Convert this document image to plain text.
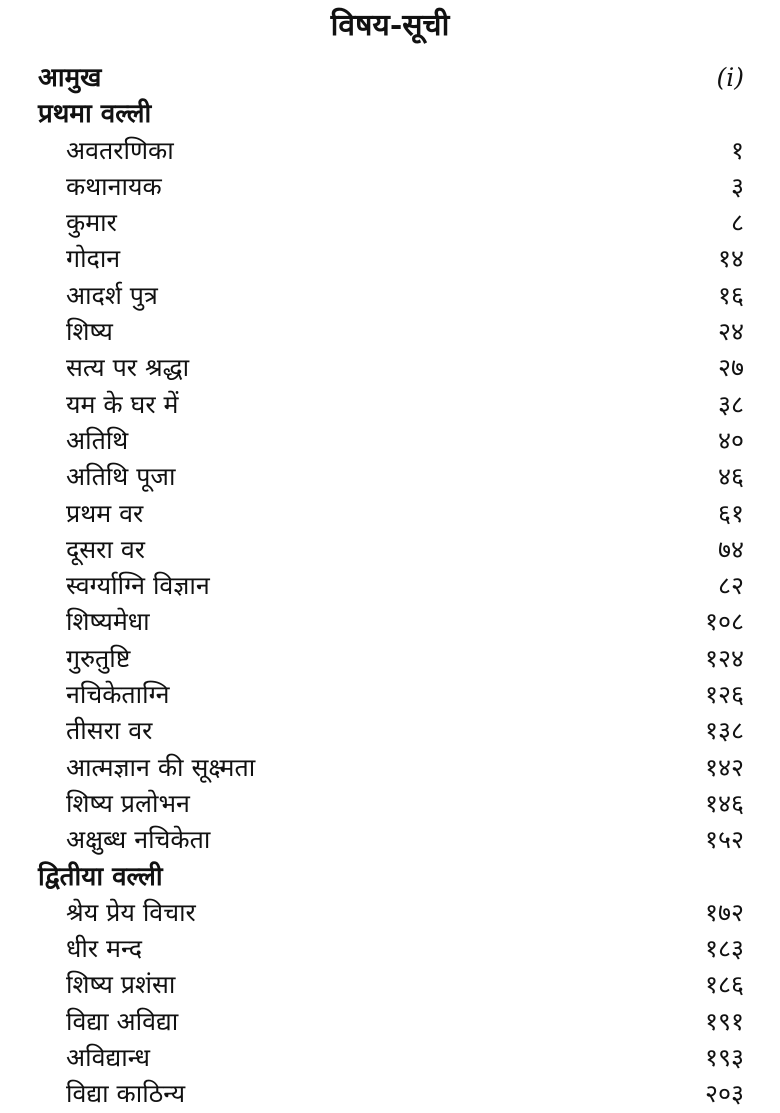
विषय-सूची
आमुख	(i)
प्रथमा वल्ली
अवतरणिका	१
कथानायक	३
कुमार	८
गोदान	१४
आदर्श पुत्र	१६
शिष्य	२४
सत्य पर श्रद्धा	२७
यम के घर में	३८
अतिथि	४०
अतिथि पूजा	४६
प्रथम वर	६१
दूसरा वर	७४
स्वर्ग्याग्नि विज्ञान	८२
शिष्यमेधा	१०८
गुरुतुष्टि	१२४
नचिकेताग्नि	१२६
तीसरा वर	१३८
आत्मज्ञान की सूक्ष्मता	१४२
शिष्य प्रलोभन	१४६
अक्षुब्ध नचिकेता	१५२
द्वितीया वल्ली
श्रेय प्रेय विचार	१७२
धीर मन्द	१८३
शिष्य प्रशंसा	१८६
विद्या अविद्या	१९१
अविद्यान्ध	१९३
विद्या काठिन्य	२०३
